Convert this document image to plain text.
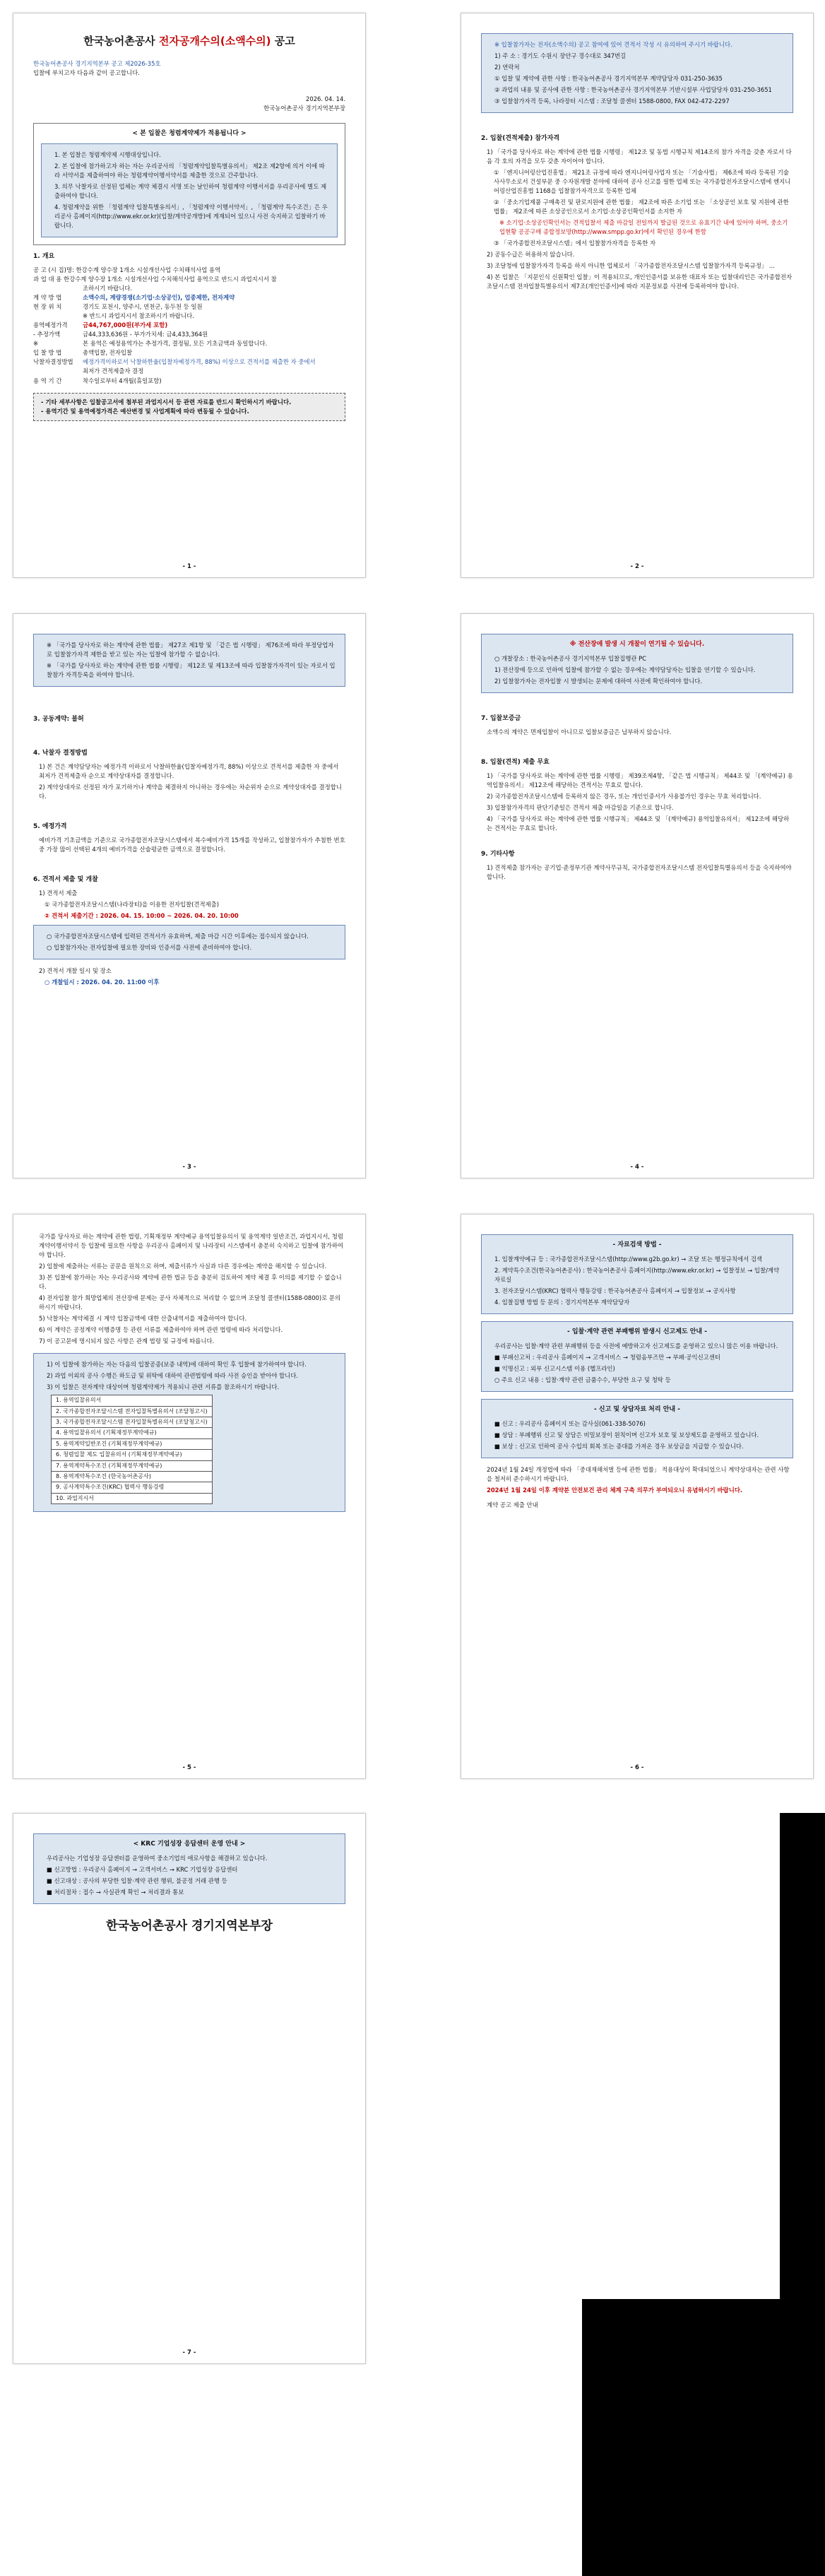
한국농어촌공사 전자공개수의(소액수의) 공고
한국농어촌공사 경기지역본부 공고 제2026-35호
입찰에 부치고자 다음과 같이 공고합니다.
2026. 04. 14.
한국농어촌공사 경기지역본부장
< 본 입찰은 청렴계약제가 적용됩니다 >
1. 본 입찰은 청렴계약제 시행대상입니다.
2. 본 입찰에 참가하고자 하는 자는 우리공사의 「청렴계약입찰특별유의서」 제2조 제2항에 의거 이에 따라 서약서를 제출하여야 하는 청렴계약이행서약서를 제출한 것으로 간주합니다.
3. 의무 낙찰자로 선정된 업체는 계약 체결시 서명 또는 날인하여 청렴계약 이행서서를 우리공사에 별도 제출하여야 합니다.
4. 청렴계약을 위한 「청렴계약 입찰특별유의서」, 「청렴계약 이행서약서」, 「청렴계약 특수조건」은 우리공사 홈페이지(http://www.ekr.or.kr)(입찰/계약공개방)에 게재되어 있으니 사전 숙지하고 입찰하기 바랍니다.
1. 개요
공 고 (시 집)명: 한강수계 양수장 1개소 시설개선사업 수치해석사업 용역
과 업 대 용 한강수계 양수장 1개소 시설개선사업 수치해석사업 용역으로 반드시 과업지시서 참
조하시기 바랍니다.
계 약 방 법	소액수의, 계량경쟁(소기업·소상공인), 업종제한, 전자계약
현 장 위 치	경기도 포천시, 양주시, 연천군, 동두천 등 일원
※ 반드시 과업지시서 참조하시기 바랍니다.
용역예정가격	금44,767,000원(부가세 포함)
- 추정가액	금44,333,636원 - 부가가치세: 금4,433,364원
※	본 용역은 예정용역가는 추정가격, 결정됨, 모든 기초금액과 동일합니다.
입 찰 방 법	총액입찰, 전자입찰
낙찰자결정방법	예정가격이하로서 낙찰하한율(입찰자예정가격, 88%) 이상으로 견적서를 제출한 자 중에서
최저가 견적제출자 결정
용 역 기 간	착수일로부터 4개월(휴일포함)
- 기타 세부사항은 입찰공고서에 첨부된 과업지시서 등 관련 자료를 반드시 확인하시기 바랍니다.
- 용역기간 및 용역예정가격은 예산변경 및 사업계획에 따라 변동될 수 있습니다.
- 1 -
※ 입찰참가자는 전자(소액수의) 공고 참여에 있어 견적서 작성 시 유의하여 주시기 바랍니다.
1) 주 소 : 경기도 수원시 장안구 경수대로 347번길
2) 연락처
① 입찰 및 계약에 관한 사항 : 한국농어촌공사 경기지역본부 계약담당자 031-250-3635
② 과업의 내용 및 공사에 관한 사항 : 한국농어촌공사 경기지역본부 기반시설부 사업담당자 031-250-3651
③ 입찰참가자격 등록, 나라장터 시스템 : 조달청 콜센터 1588-0800, FAX 042-472-2297
2. 입찰(견적제출) 참가자격
1) 「국가를 당사자로 하는 계약에 관한 법률 시행령」 제12조 및 동법 시행규칙 제14조의 참가 자격을 갖춘 자로서 다음 각 호의 자격을 모두 갖춘 자이어야 합니다.
① 「엔지니어링산업진흥법」 제21조 규정에 따라 엔지니어링사업자 또는 「기술사법」 제6조에 따라 등록된 기술사사무소로서 건설부문 중 수자원개발 분야에 대하여 공사 신고를 필한 업체 또는 국가종합전자조달시스템에 엔지니어링산업진흥법 1168을 입찰참가자격으로 등록한 업체
② 「중소기업제품 구매촉진 및 판로지원에 관한 법률」 제2조에 따른 소기업 또는 「소상공인 보호 및 지원에 관한 법률」 제2조에 따른 소상공인으로서 소기업·소상공인확인서를 소지한 자
※ 소기업·소상공인확인서는 견적입찰서 제출 마감일 전일까지 발급된 것으로 유효기간 내에 있어야 하며, 중소기업현황 공공구매 종합정보망(http://www.smpp.go.kr)에서 확인된 경우에 한함
③ 「국가종합전자조달시스템」에서 입찰참가자격을 등록한 자
2) 공동수급은 허용하지 않습니다.
3) 조달청에 입찰참가자격 등록을 하지 아니한 업체로서 「국가종합전자조달시스템 입찰참가자격 등록규정」 ...
4) 본 입찰은 「지문인식 신원확인 입찰」이 적용되므로, 개인인증서를 보유한 대표자 또는 입찰대리인은 국가종합전자조달시스템 전자입찰특별유의서 제7조(개인인증서)에 따라 지문정보를 사전에 등록하여야 합니다.
- 2 -
※ 「국가를 당사자로 하는 계약에 관한 법률」 제27조 제1항 및 「같은 법 시행령」 제76조에 따라 부정당업자로 입찰참가자격 제한을 받고 있는 자는 입찰에 참가할 수 없습니다.
※ 「국가를 당사자로 하는 계약에 관한 법률 시행령」 제12조 및 제13조에 따라 입찰참가자격이 있는 자로서 입찰참가 자격등록을 하여야 합니다.
3. 공동계약: 불허
4. 낙찰자 결정방법
1) 본 건은 계약담당자는 예정가격 이하로서 낙찰하한율(입찰자예정가격, 88%) 이상으로 견적서를 제출한 자 중에서 최저가 견적제출자 순으로 계약상대자를 결정합니다.
2) 계약상대자로 선정된 자가 포기하거나 계약을 체결하지 아니하는 경우에는 차순위자 순으로 계약상대자를 결정합니다.
5. 예정가격
예비가격 기초금액을 기준으로 국가종합전자조달시스템에서 복수예비가격 15개를 작성하고, 입찰참가자가 추첨한 번호 중 가장 많이 선택된 4개의 예비가격을 산술평균한 금액으로 결정합니다.
6. 견적서 제출 및 개찰
1) 견적서 제출
① 국가종합전자조달시스템(나라장터)을 이용한 전자입찰(견적제출)
② 견적서 제출기간 : 2026. 04. 15. 10:00 ~ 2026. 04. 20. 10:00
○ 국가종합전자조달시스템에 입력된 견적서가 유효하며, 제출 마감 시간 이후에는 접수되지 않습니다.
○ 입찰참가자는 전자입찰에 필요한 장비와 인증서를 사전에 준비하여야 합니다.
2) 견적서 개찰 일시 및 장소
○ 개찰일시 : 2026. 04. 20. 11:00 이후
- 3 -
※ 전산장애 발생 시 개찰이 연기될 수 있습니다.
○ 개찰장소 : 한국농어촌공사 경기지역본부 입찰집행관 PC
1) 전산장애 등으로 인하여 입찰에 참가할 수 없는 경우에는 계약담당자는 입찰을 연기할 수 있습니다.
2) 입찰참가자는 전자입찰 시 발생되는 문제에 대하여 사전에 확인하여야 합니다.
7. 입찰보증금
소액수의 계약은 면제입찰이 아니므로 입찰보증금은 납부하지 않습니다.
8. 입찰(견적) 제출 무효
1) 「국가를 당사자로 하는 계약에 관한 법률 시행령」 제39조제4항, 「같은 법 시행규칙」 제44조 및 「(계약예규) 용역입찰유의서」 제12조에 해당하는 견적서는 무효로 합니다.
2) 국가종합전자조달시스템에 등록하지 않은 경우, 또는 개인인증서가 사용불가인 경우는 무효 처리합니다.
3) 입찰참가자격의 판단기준일은 견적서 제출 마감일을 기준으로 합니다.
4) 「국가를 당사자로 하는 계약에 관한 법률 시행규칙」 제44조 및 「(계약예규) 용역입찰유의서」 제12조에 해당하는 견적서는 무효로 합니다.
9. 기타사항
1) 견적제출 참가자는 공기업·준정부기관 계약사무규칙, 국가종합전자조달시스템 전자입찰특별유의서 등을 숙지하여야 합니다.
- 4 -
국가를 당사자로 하는 계약에 관한 법령, 기획재정부 계약예규 용역입찰유의서 및 용역계약 일반조건, 과업지시서, 청렴계약이행서약서 등 입찰에 필요한 사항을 우리공사 홈페이지 및 나라장터 시스템에서 충분히 숙지하고 입찰에 참가하여야 합니다.
2) 입찰에 제출하는 서류는 공문을 원칙으로 하며, 제출서류가 사실과 다른 경우에는 계약을 해지할 수 있습니다.
3) 본 입찰에 참가하는 자는 우리공사와 계약에 관한 법규 등을 충분히 검토하여 계약 체결 후 이의를 제기할 수 없습니다.
4) 전자입찰 참가 희망업체의 전산장애 문제는 공사 자체적으로 처리할 수 없으며 조달청 콜센터(1588-0800)로 문의하시기 바랍니다.
5) 낙찰자는 계약체결 시 계약 입찰금액에 대한 산출내역서를 제출하여야 합니다.
6) 이 계약은 공정계약 이행증명 등 관련 서류를 제출하여야 하며 관련 법령에 따라 처리합니다.
7) 이 공고문에 명시되지 않은 사항은 관계 법령 및 규정에 따릅니다.
1) 이 입찰에 참가하는 자는 다음의 입찰공종(보증 내역)에 대하여 확인 후 입찰에 참가하여야 합니다.
2) 과업 이외의 공사 수행은 하도급 및 위탁에 대하여 관련법령에 따라 사전 승인을 받아야 합니다.
3) 이 입찰은 전자계약 대상이며 청렴계약제가 적용되니 관련 서류를 참조하시기 바랍니다.
1. 용역입찰유의서
2. 국가종합전자조달시스템 전자입찰특별유의서 (조달청고시)
3. 국가종합전자조달시스템 전자입찰특별유의서 (조달청고시)
4. 용역입찰유의서 (기획재정부계약예규)
5. 용역계약일반조건 (기획재정부계약예규)
6. 청렴입찰 제도 입찰유의서 (기획재정부계약예규)
7. 용역계약특수조건 (기획재정부계약예규)
8. 용역계약특수조건 (한국농어촌공사)
9. 공사계약특수조건(KRC) 협력사 행동강령
10. 과업지시서
- 5 -
- 자료검색 방법 -
1. 입찰계약예규 등 : 국가종합전자조달시스템(http://www.g2b.go.kr) → 조달 또는 행정규칙에서 검색
2. 계약특수조건(한국농어촌공사) : 한국농어촌공사 홈페이지(http://www.ekr.or.kr) → 입찰정보 → 입찰/계약 자료실
3. 전자조달시스템(KRC) 협력사 행동강령 : 한국농어촌공사 홈페이지 → 입찰정보 → 공지사항
4. 입찰집행 방법 등 문의 : 경기지역본부 계약담당자
- 입찰·계약 관련 부패행위 발생시 신고제도 안내 -
우리공사는 입찰·계약 관련 부패행위 등을 사전에 예방하고자 신고제도를 운영하고 있으니 많은 이용 바랍니다.
■ 부패신고처 : 우리공사 홈페이지 → 고객서비스 → 청렴옴부즈만 → 부패·공익신고센터
■ 익명신고 : 외부 신고시스템 이용 (헬프라인)
○ 주요 신고 내용 : 입찰·계약 관련 금품수수, 부당한 요구 및 청탁 등
- 신고 및 상담자료 처리 안내 -
■ 신고 : 우리공사 홈페이지 또는 감사실(061-338-5076)
■ 상담 : 부패행위 신고 및 상담은 비밀보장이 원칙이며 신고자 보호 및 보상제도를 운영하고 있습니다.
■ 보상 : 신고로 인하여 공사 수입의 회복 또는 증대를 가져온 경우 보상금을 지급할 수 있습니다.
2024년 1월 24일 개정법에 따라 「중대재해처벌 등에 관한 법률」 적용대상이 확대되었으니 계약상대자는 관련 사항을 철저히 준수하시기 바랍니다.
2024년 1월 24일 이후 계약분 안전보건 관리 체계 구축 의무가 부여되오니 유념하시기 바랍니다.
계약 공고 제출 안내
- 6 -
< KRC 기업성장 응답센터 운영 안내 >
우리공사는 기업성장 응답센터를 운영하여 중소기업의 애로사항을 해결하고 있습니다.
■ 신고방법 : 우리공사 홈페이지 → 고객서비스 → KRC 기업성장 응답센터
■ 신고대상 : 공사의 부당한 입찰·계약 관련 행위, 불공정 거래 관행 등
■ 처리절차 : 접수 → 사실관계 확인 → 처리결과 통보
한국농어촌공사 경기지역본부장
- 7 -
